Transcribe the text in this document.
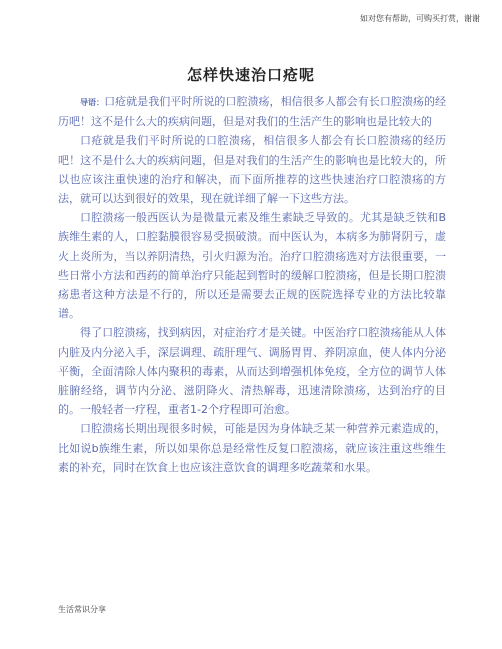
如对您有帮助，可购买打赏，谢谢
怎样快速治口疮呢

导语：口疮就是我们平时所说的口腔溃疡，相信很多人都会有长口腔溃疡的经历吧！这不是什么大的疾病问题，但是对我们的生活产生的影响也是比较大的

口疮就是我们平时所说的口腔溃疡，相信很多人都会有长口腔溃疡的经历吧！这不是什么大的疾病问题，但是对我们的生活产生的影响也是比较大的，所以也应该注重快速的治疗和解决，而下面所推荐的这些快速治疗口腔溃疡的方法，就可以达到很好的效果，现在就详细了解一下这些方法。

口腔溃疡一般西医认为是微量元素及维生素缺乏导致的。尤其是缺乏铁和B族维生素的人，口腔黏膜很容易受损破溃。而中医认为，本病多为肺肾阴亏，虚火上炎所为，当以养阴清热，引火归源为治。治疗口腔溃疡选对方法很重要，一些日常小方法和西药的简单治疗只能起到暂时的缓解口腔溃疡，但是长期口腔溃疡患者这种方法是不行的，所以还是需要去正规的医院选择专业的方法比较靠谱。

得了口腔溃疡，找到病因，对症治疗才是关键。中医治疗口腔溃疡能从人体内脏及内分泌入手，深层调理、疏肝理气、调肠胃胃、养阴凉血，使人体内分泌平衡，全面清除人体内聚积的毒素，从而达到增强机体免疫，全方位的调节人体脏腑经络，调节内分泌、滋阴降火、清热解毒，迅速清除溃疡，达到治疗的目的。一般轻者一疗程，重者1-2个疗程即可治愈。

口腔溃疡长期出现很多时候，可能是因为身体缺乏某一种营养元素造成的，比如说b族维生素，所以如果你总是经常性反复口腔溃疡，就应该注重这些维生素的补充，同时在饮食上也应该注意饮食的调理多吃蔬菜和水果。

生活常识分享
